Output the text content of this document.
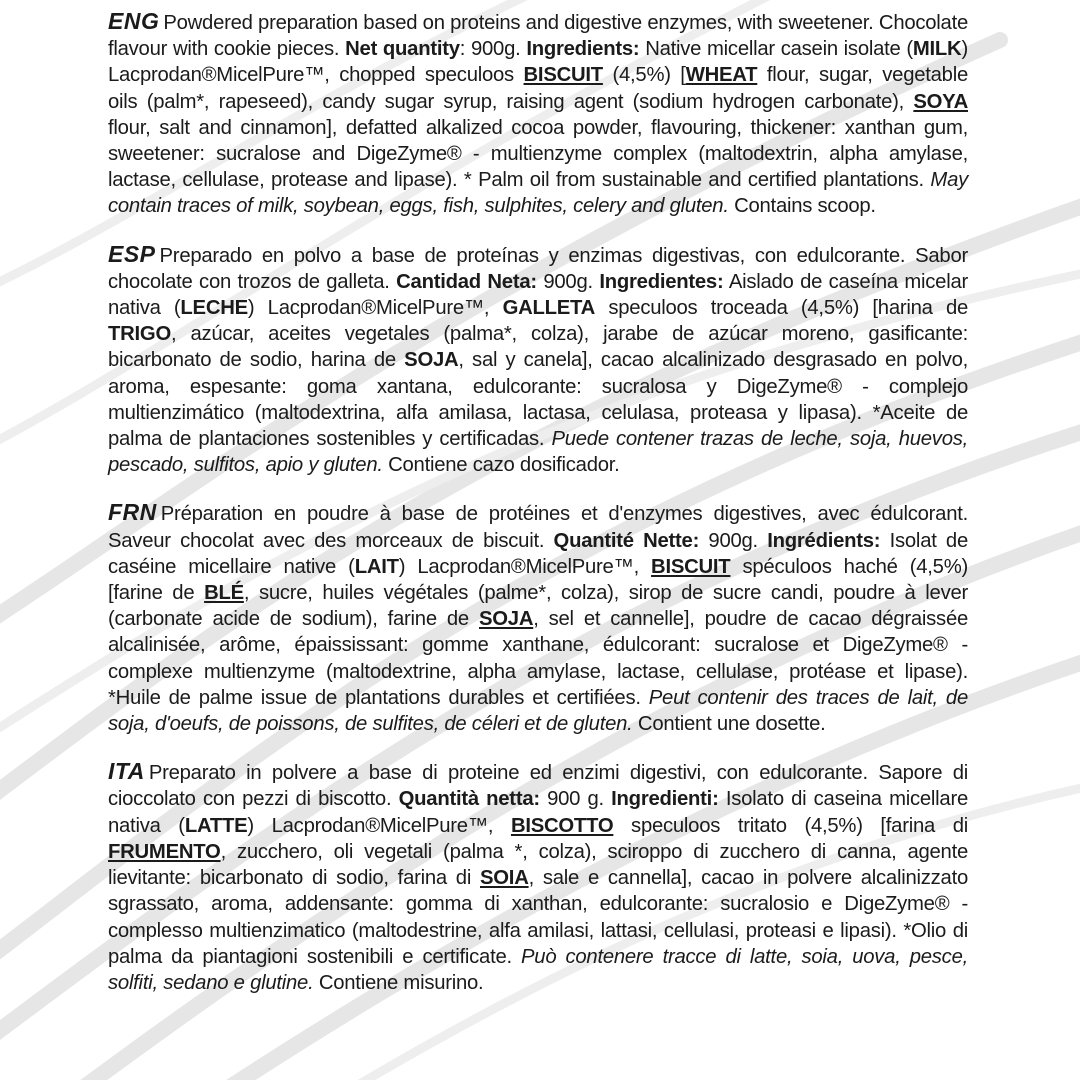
ENG Powdered preparation based on proteins and digestive enzymes, with sweetener. Chocolate flavour with cookie pieces. Net quantity: 900g. Ingredients: Native micellar casein isolate (MILK) Lacprodan®MicelPure™, chopped speculoos BISCUIT (4,5%) [WHEAT flour, sugar, vegetable oils (palm*, rapeseed), candy sugar syrup, raising agent (sodium hydrogen carbonate), SOYA flour, salt and cinnamon], defatted alkalized cocoa powder, flavouring, thickener: xanthan gum, sweetener: sucralose and DigeZyme® - multienzyme complex (maltodextrin, alpha amylase, lactase, cellulase, protease and lipase). * Palm oil from sustainable and certified plantations. May contain traces of milk, soybean, eggs, fish, sulphites, celery and gluten. Contains scoop.

ESP Preparado en polvo a base de proteínas y enzimas digestivas, con edulcorante. Sabor chocolate con trozos de galleta. Cantidad Neta: 900g. Ingredientes: Aislado de caseína micelar nativa (LECHE) Lacprodan®MicelPure™, GALLETA speculoos troceada (4,5%) [harina de TRIGO, azúcar, aceites vegetales (palma*, colza), jarabe de azúcar moreno, gasificante: bicarbonato de sodio, harina de SOJA, sal y canela], cacao alcalinizado desgrasado en polvo, aroma, espesante: goma xantana, edulcorante: sucralosa y DigeZyme® - complejo multienzimático (maltodextrina, alfa amilasa, lactasa, celulasa, proteasa y lipasa). *Aceite de palma de plantaciones sostenibles y certificadas. Puede contener trazas de leche, soja, huevos, pescado, sulfitos, apio y gluten. Contiene cazo dosificador.

FRN Préparation en poudre à base de protéines et d'enzymes digestives, avec édulcorant. Saveur chocolat avec des morceaux de biscuit. Quantité Nette: 900g. Ingrédients: Isolat de caséine micellaire native (LAIT) Lacprodan®MicelPure™, BISCUIT spéculoos haché (4,5%) [farine de BLÉ, sucre, huiles végétales (palme*, colza), sirop de sucre candi, poudre à lever (carbonate acide de sodium), farine de SOJA, sel et cannelle], poudre de cacao dégraissée alcalinisée, arôme, épaississant: gomme xanthane, édulcorant: sucralose et DigeZyme® - complexe multienzyme (maltodextrine, alpha amylase, lactase, cellulase, protéase et lipase). *Huile de palme issue de plantations durables et certifiées. Peut contenir des traces de lait, de soja, d'oeufs, de poissons, de sulfites, de céleri et de gluten. Contient une dosette.

ITA Preparato in polvere a base di proteine ed enzimi digestivi, con edulcorante. Sapore di cioccolato con pezzi di biscotto. Quantità netta: 900 g. Ingredienti: Isolato di caseina micellare nativa (LATTE) Lacprodan®MicelPure™, BISCOTTO speculoos tritato (4,5%) [farina di FRUMENTO, zucchero, oli vegetali (palma *, colza), sciroppo di zucchero di canna, agente lievitante: bicarbonato di sodio, farina di SOIA, sale e cannella], cacao in polvere alcalinizzato sgrassato, aroma, addensante: gomma di xanthan, edulcorante: sucralosio e DigeZyme® - complesso multienzimatico (maltodestrine, alfa amilasi, lattasi, cellulasi, proteasi e lipasi). *Olio di palma da piantagioni sostenibili e certificate. Può contenere tracce di latte, soia, uova, pesce, solfiti, sedano e glutine. Contiene misurino.
